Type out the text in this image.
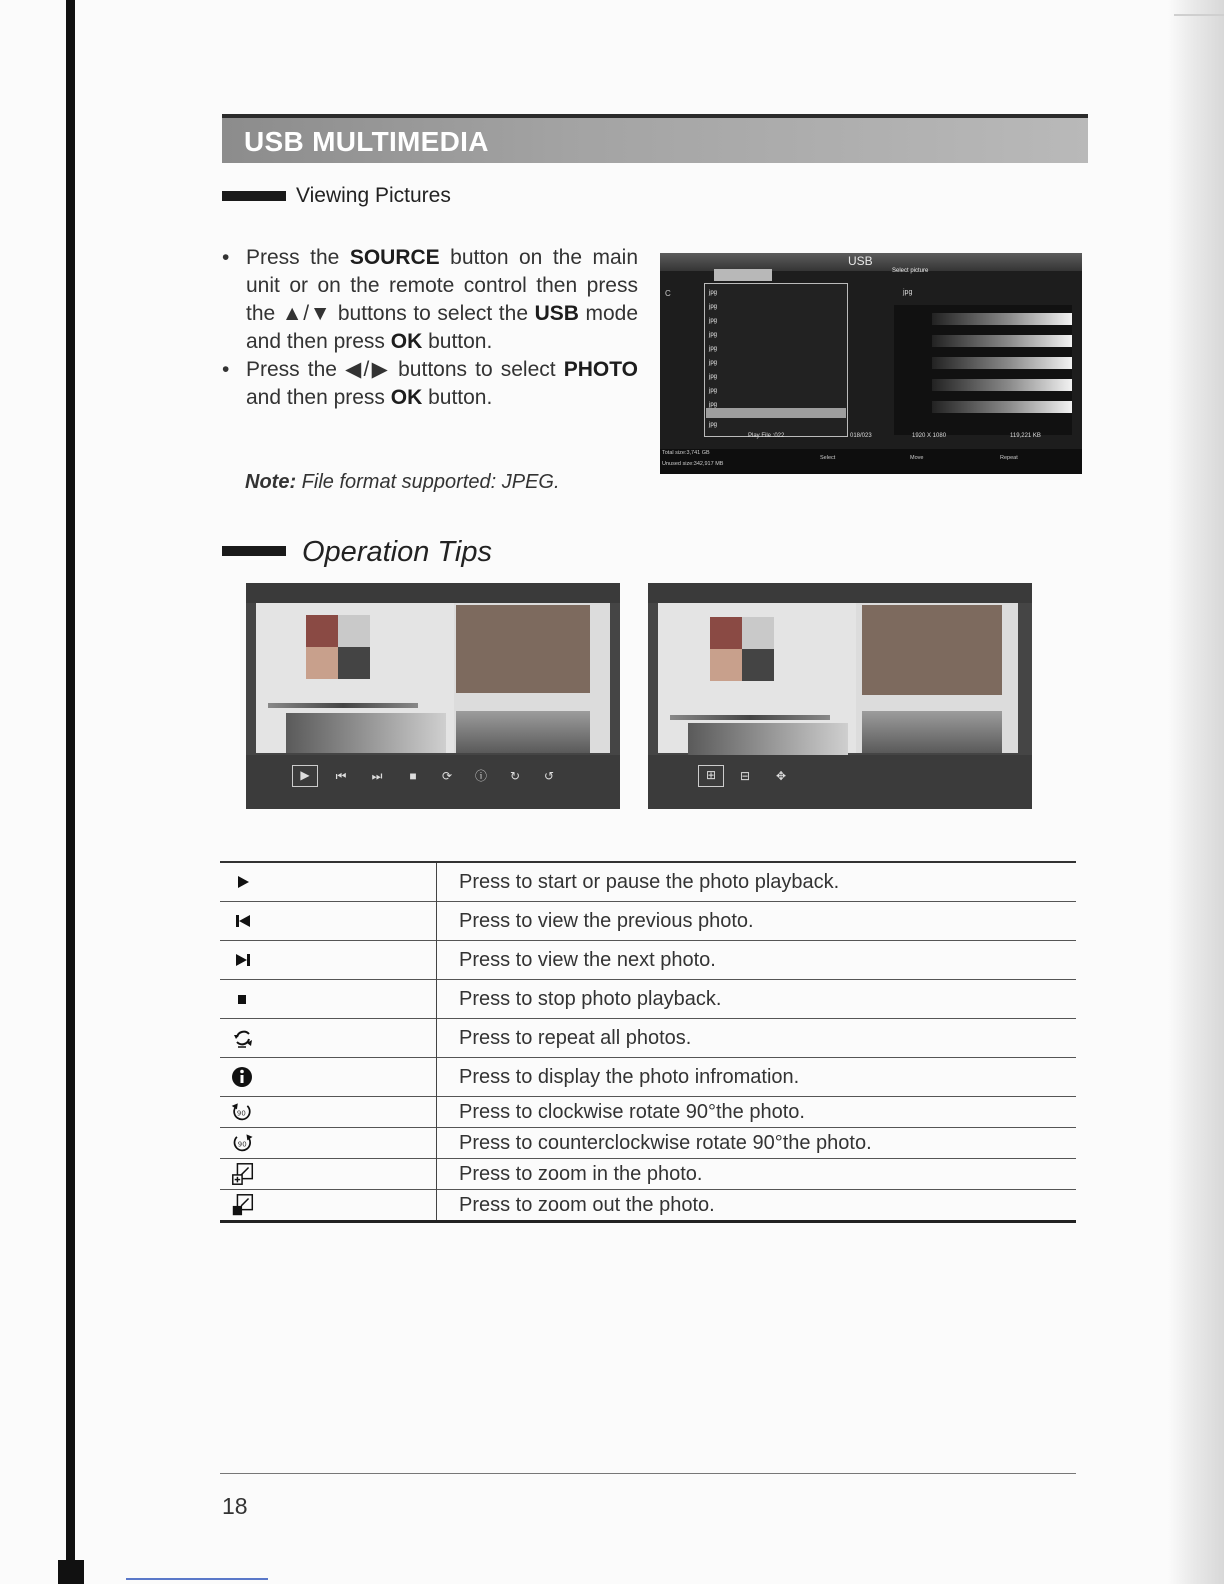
USB MULTIMEDIA
Viewing Pictures
• Press the SOURCE button on the main unit or on the remote control then press the ▲/▼ buttons to select the USB mode and then press OK button.
• Press the ◀/▶ buttons to select PHOTO and then press OK button.
Note: File format supported: JPEG.
USB
Select picture
C	jpg
jpg
jpg
jpg
jpg
jpg
jpg
jpg
jpg
jpg
jpg
Play File :022	018/023	1920 X 1080	119,221 KB
Total size:3,741 GB
Unused size:342,917 MB
Select	Move	Repeat
Operation Tips
▶	⏮ ⏭	■	⟳	ⓘ	↻	↺	⊞	⊟	✥
	Press to start or pause the photo playback.
	Press to view the previous photo.
	Press to view the next photo.
	Press to stop photo playback.
	Press to repeat all photos.
	Press to display the photo infromation.

90	Press to clockwise rotate 90°the photo.

90	Press to counterclockwise rotate 90°the photo.
	Press to zoom in the photo.
	Press to zoom out the photo.
18
